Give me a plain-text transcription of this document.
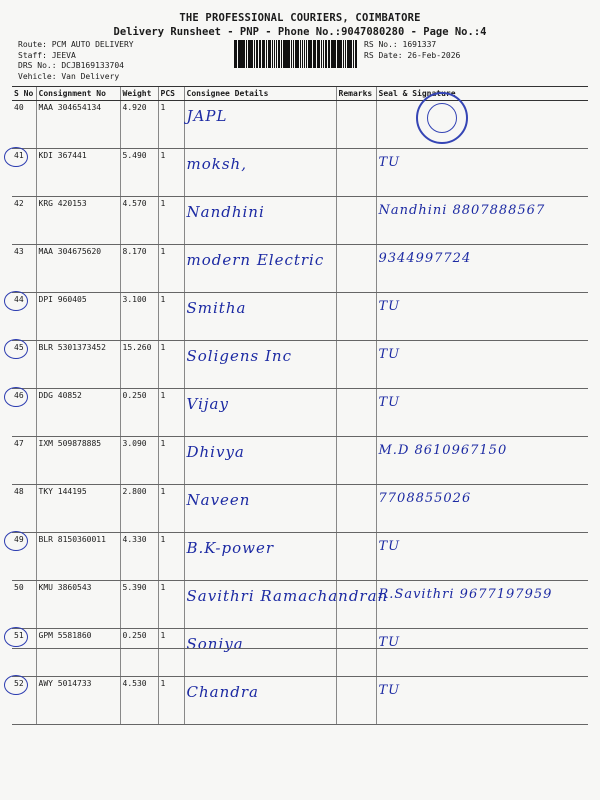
THE PROFESSIONAL COURIERS, COIMBATORE
Delivery Runsheet - PNP - Phone No.:9047080280 - Page No.:4
Route: PCM AUTO DELIVERY
Staff: JEEVA
DRS No.: DCJB169133704
Vehicle: Van Delivery
RS No.: 1691337
RS Date: 26-Feb-2026
S No	Consignment No	Weight	PCS	Consignee Details	Remarks	Seal & Signature
40	MAA 304654134	4.920	1	JAPL		

41	KDI 367441	5.490	1	moksh,		TU
42	KRG 420153	4.570	1	Nandhini		Nandhini 8807888567
43	MAA 304675620	8.170	1	modern Electric		9344997724

44	DPI 960405	3.100	1	Smitha		TU

45	BLR 5301373452	15.260	1	Soligens Inc		TU

46	DDG 40852	0.250	1	Vijay		TU
47	IXM 509878885	3.090	1	Dhivya		M.D 8610967150
48	TKY 144195	2.800	1	Naveen		7708855026

49	BLR 8150360011	4.330	1	B.K-power		TU
50	KMU 3860543	5.390	1	Savithri Ramachandran		R.Savithri 9677197959

51	GPM 5581860	0.250	1	Soniya		TU

52	AWY 5014733	4.530	1	Chandra		TU
